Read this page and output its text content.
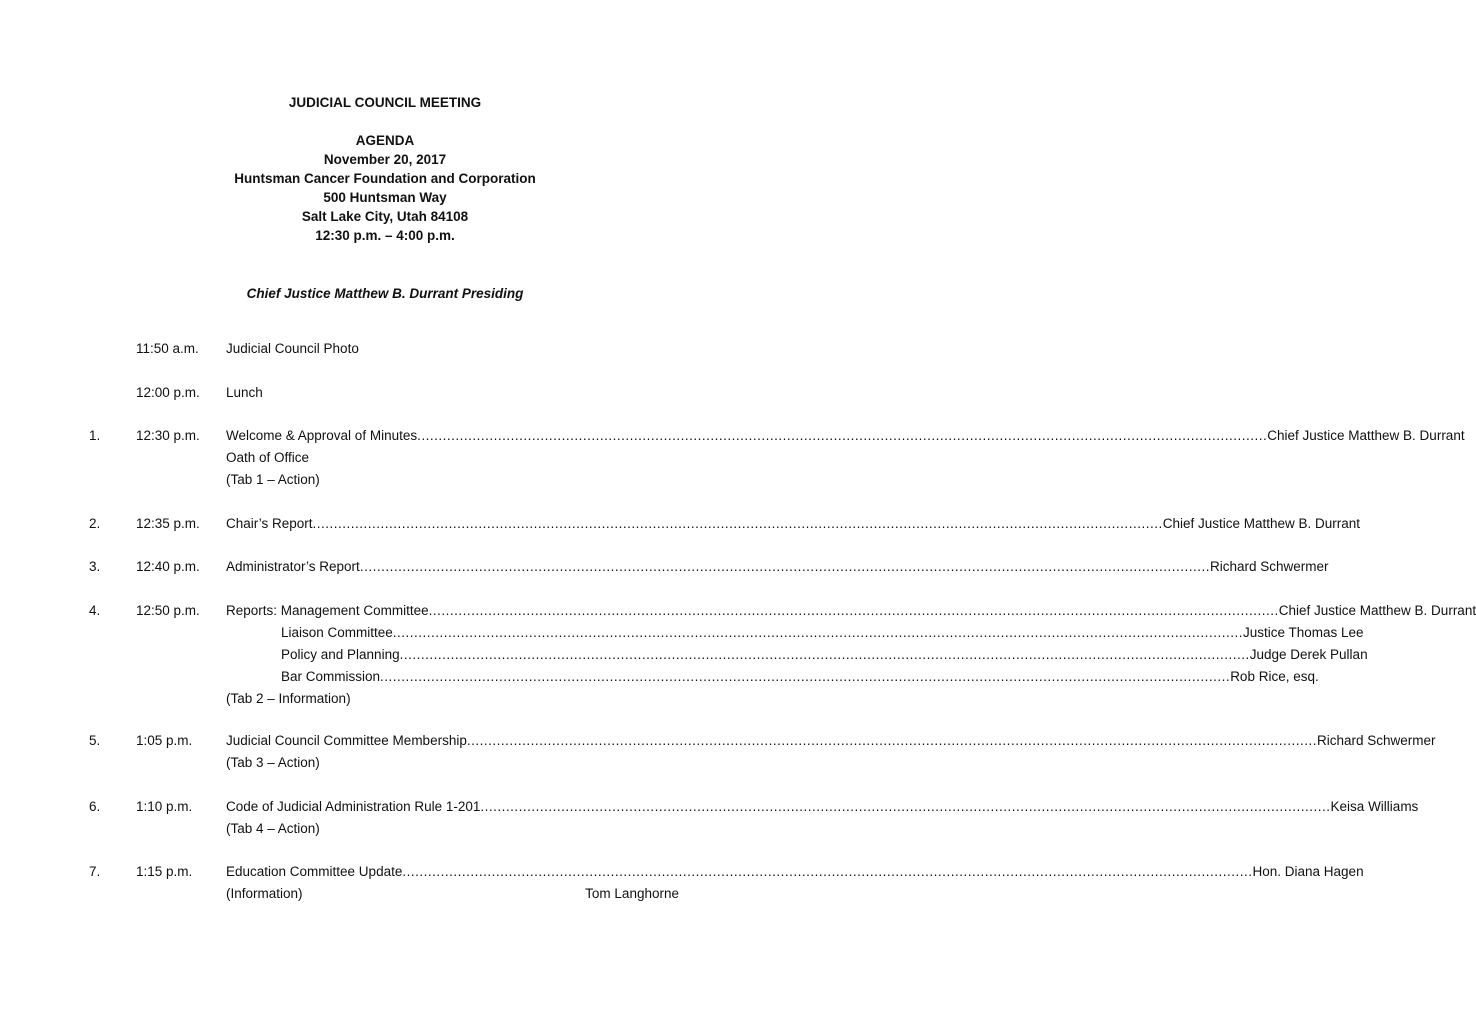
JUDICIAL COUNCIL MEETING
AGENDA
November 20, 2017
Huntsman Cancer Foundation and Corporation
500 Huntsman Way
Salt Lake City, Utah 84108
12:30 p.m. – 4:00 p.m.
Chief Justice Matthew B. Durrant Presiding
11:50 a.m. Judicial Council Photo
12:00 p.m. Lunch
1.	12:30 p.m. Welcome & Approval of Minutes ........................................................................................................................................................................................................ Chief Justice Matthew B. Durrant
Oath of Office
(Tab 1 – Action)
2.	12:35 p.m. Chair’s Report ........................................................................................................................................................................................................ Chief Justice Matthew B. Durrant
3.	12:40 p.m. Administrator’s Report ........................................................................................................................................................................................................ Richard Schwermer
4.	12:50 p.m. Reports: Management Committee ........................................................................................................................................................................................................ Chief Justice Matthew B. Durrant
Liaison Committee ........................................................................................................................................................................................................ Justice Thomas Lee
Policy and Planning ........................................................................................................................................................................................................ Judge Derek Pullan
Bar Commission ........................................................................................................................................................................................................ Rob Rice, esq.
(Tab 2 – Information)
5.	1:05 p.m. Judicial Council Committee Membership ........................................................................................................................................................................................................ Richard Schwermer
(Tab 3 – Action)
6.	1:10 p.m. Code of Judicial Administration Rule 1-201 ........................................................................................................................................................................................................ Keisa Williams
(Tab 4 – Action)
7.	1:15 p.m. Education Committee Update ........................................................................................................................................................................................................ Hon. Diana Hagen
(Information)	Tom Langhorne
